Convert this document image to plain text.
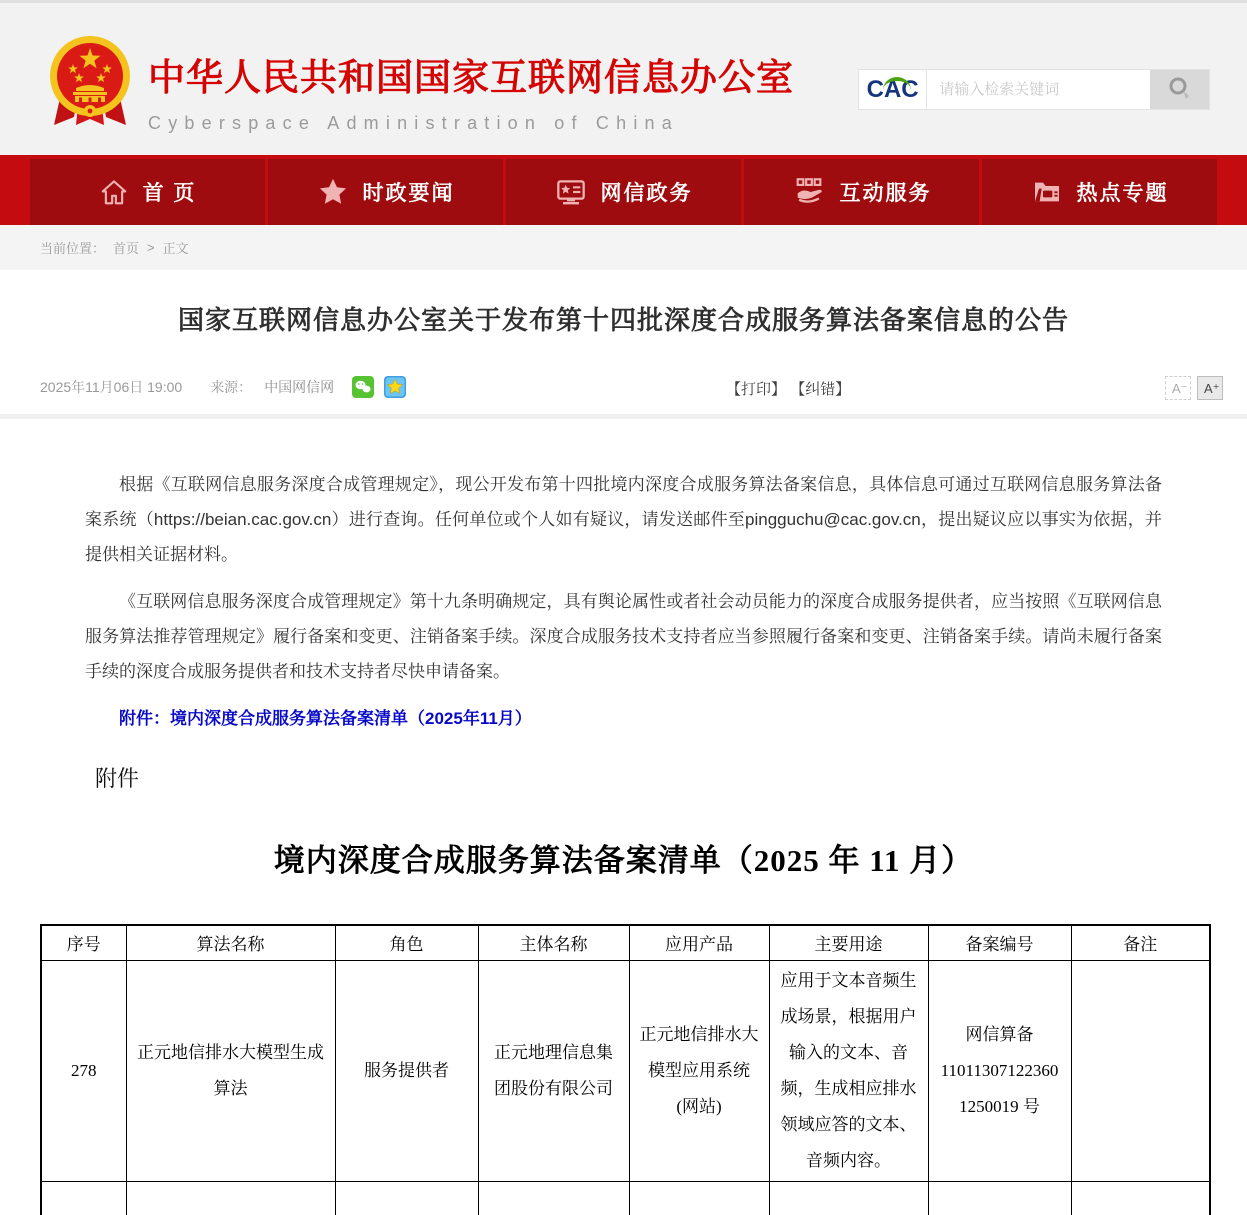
中华人民共和国国家互联网信息办公室
Cyberspace Administration of China
CAC
请输入检索关键词
首 页	时政要闻	网信政务	互动服务	热点专题
当前位置： 首页 > 正文
国家互联网信息办公室关于发布第十四批深度合成服务算法备案信息的公告
2025年11月06日 19:00 来源： 中国网信网	【打印】 【纠错】	A⁻	A⁺

根据《互联网信息服务深度合成管理规定》，现公开发布第十四批境内深度合成服务算法备案信息，具体信息可通过互联网信息服务算法备案系统（https://beian.cac.gov.cn）进行查询。任何单位或个人如有疑议，请发送邮件至pingguchu@cac.gov.cn，提出疑议应以事实为依据，并提供相关证据材料。

《互联网信息服务深度合成管理规定》第十九条明确规定，具有舆论属性或者社会动员能力的深度合成服务提供者，应当按照《互联网信息服务算法推荐管理规定》履行备案和变更、注销备案手续。深度合成服务技术支持者应当参照履行备案和变更、注销备案手续。请尚未履行备案手续的深度合成服务提供者和技术支持者尽快申请备案。

附件：境内深度合成服务算法备案清单（2025年11月）

附件
境内深度合成服务算法备案清单（2025 年 11 月）
序号	算法名称	角色	主体名称	应用产品	主要用途	备案编号	备注
278	正元地信排水大模型生成算法	服务提供者	正元地理信息集团股份有限公司	正元地信排水大模型应用系统(网站)	应用于文本音频生成场景，根据用户输入的文本、音频，生成相应排水领域应答的文本、音频内容。	网信算备 110113071223601250019 号	
